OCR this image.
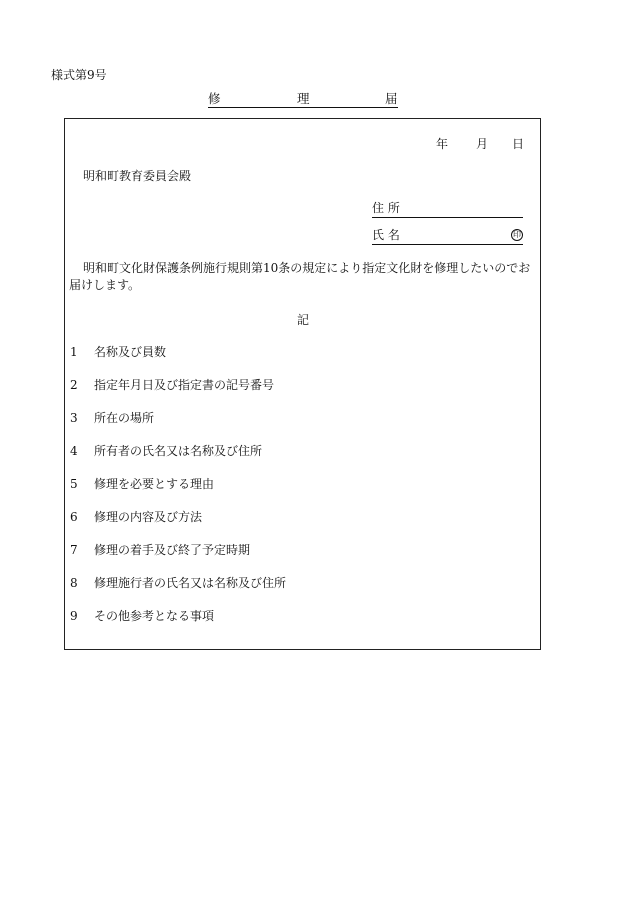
様式第9号
修	理	届
年 月 日
明和町教育委員会殿
住 所
氏 名	印
明和町文化財保護条例施行規則第10条の規定により指定文化財を修理したいのでお届けします。
記
1 名称及び員数
2 指定年月日及び指定書の記号番号
3 所在の場所
4 所有者の氏名又は名称及び住所
5 修理を必要とする理由
6 修理の内容及び方法
7 修理の着手及び終了予定時期
8 修理施行者の氏名又は名称及び住所
9 その他参考となる事項
